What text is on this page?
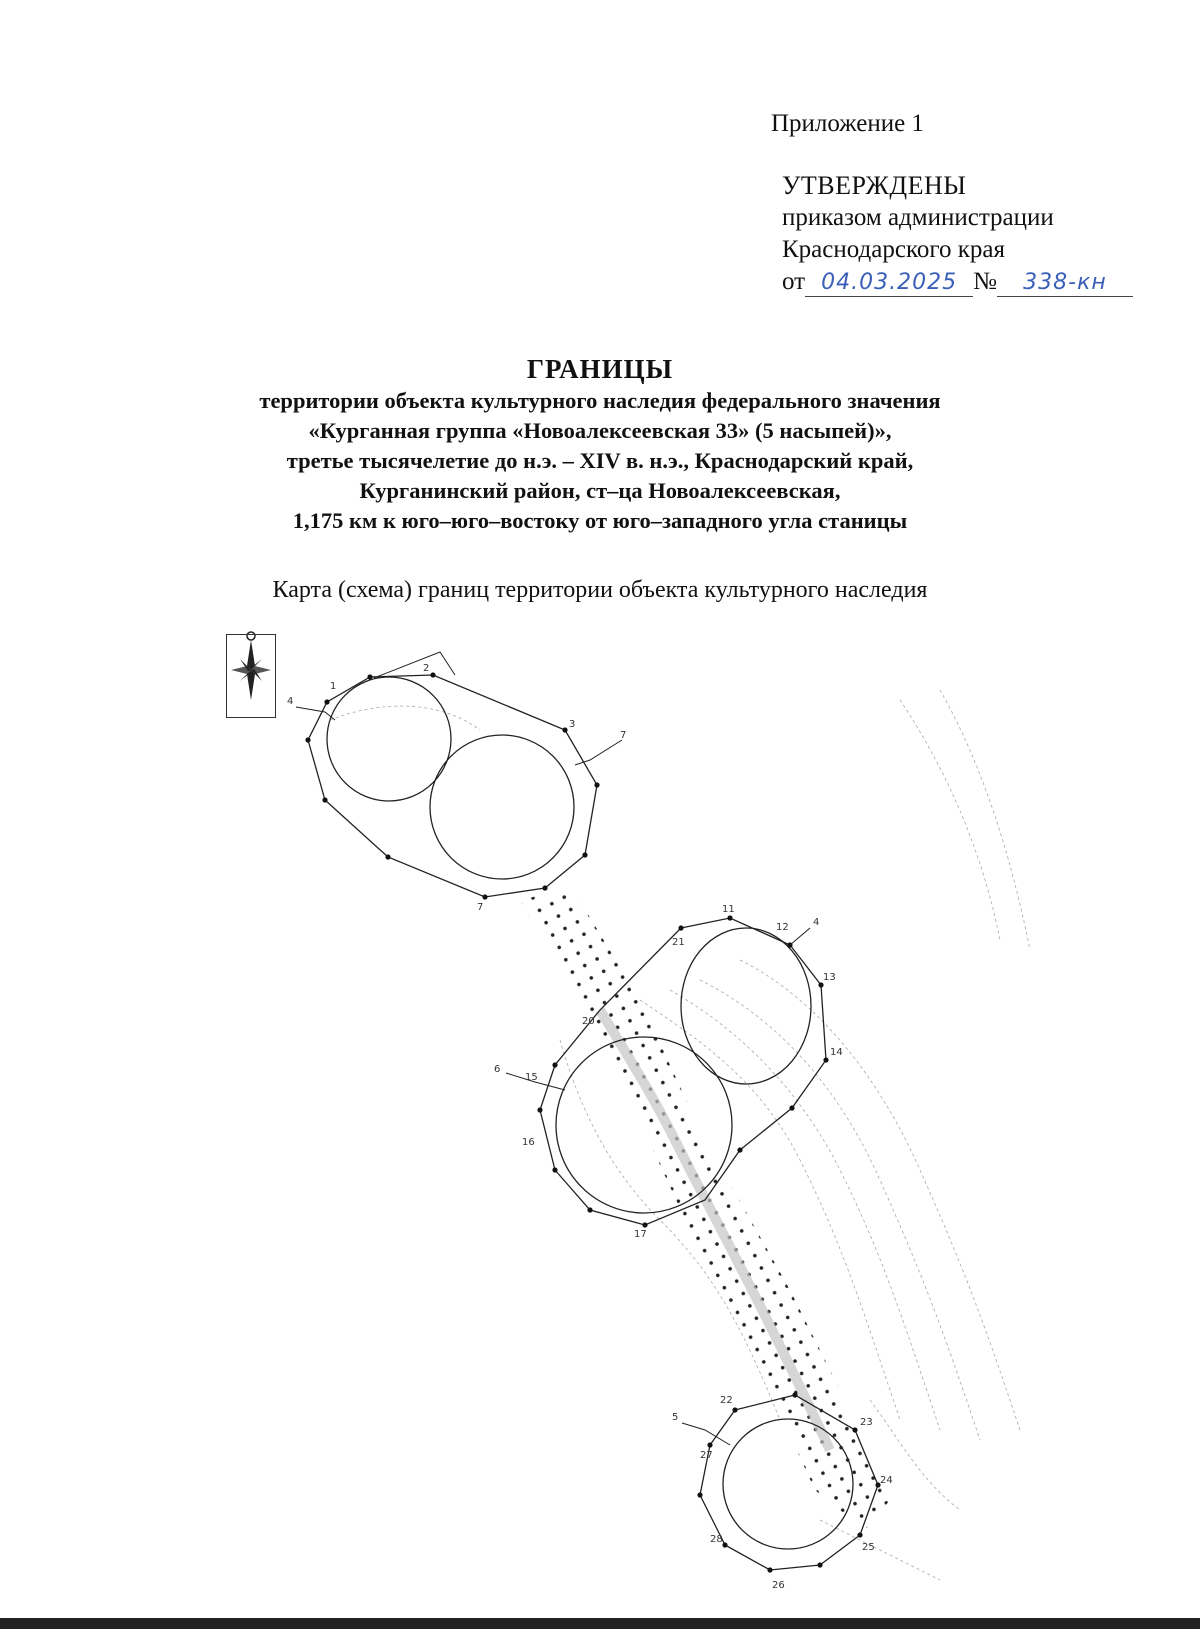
Приложение 1
УТВЕРЖДЕНЫ
приказом администрации
Краснодарского края
от 04.03.2025 № 338-кн
ГРАНИЦЫ
территории объекта культурного наследия федерального значения
«Курганная группа «Новоалексеевская 33» (5 насыпей)»,
третье тысячелетие до н.э. – XIV в. н.э., Краснодарский край,
Курганинский район, ст–ца Новоалексеевская,
1,175 км к юго–юго–востоку от юго–западного угла станицы
Карта (схема) границ территории объекта культурного наследия
1
2
3
4
5
6
7
7
4
11
12
13
14
15
16
17
20
21
22
23
24
25
26
27
28
